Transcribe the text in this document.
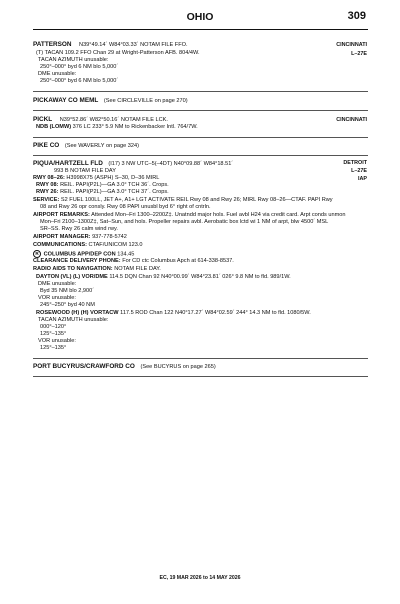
OHIO	309
PATTERSON N39°49.14´ W84°03.33´ NOTAM FILE FFO.	CINCINNATI
L–27E
(T) TACAN 109.2 FFO Chan 29 at Wright-Patterson AFB. 804/4W.
TACAN AZIMUTH unusable:
250°–000° byd 6 NM blo 5,000´
DME unusable:
250°–000° byd 6 NM blo 5,000´
PICKAWAY CO MEML (See CIRCLEVILLE on page 270)
PICKL N39°52.86´ W82°50.16´ NOTAM FILE LCK.	CINCINNATI
NDB (LOMW) 376 LC 233° 5.9 NM to Rickenbacker Intl. 764/7W.
PIKE CO (See WAVERLY on page 324)
PIQUA/HARTZELL FLD (I17) 3 NW UTC–5(–4DT) N40°09.88´ W84°18.51´	DETROIT
L–27E
IAP
993 B NOTAM FILE DAY
RWY 08–26: H3998X75 (ASPH) S–30, D–36 MIRL
RWY 08: REIL. PAPI(P2L)—GA 3.0° TCH 36´. Crops.
RWY 26: REIL. PAPI(P2L)—GA 3.0° TCH 37´. Crops.
SERVICE: S2 FUEL 100LL, JET A+, A1+ LGT ACTIVATE REIL Rwy 08 and Rwy 26; MIRL Rwy 08–26—CTAF. PAPI Rwy
08 and Rwy 26 opr consly. Rwy 08 PAPI unusbl byd 6° right of cntrln.
AIRPORT REMARKS: Attended Mon–Fri 1300–2200Z‡. Unatndd major hols. Fuel avbl H24 via credit card. Arpt conds unmon
Mon–Fri 2100–1300Z‡, Sat–Sun, and hols. Propeller repairs avbl. Aerobatic box lctd wi 1 NM of arpt, blw 4500´ MSL
SR–SS. Rwy 26 calm wind rwy.
AIRPORT MANAGER: 937-778-5742
COMMUNICATIONS: CTAF/UNICOM 123.0
R COLUMBUS APP/DEP CON 134.45
CLEARANCE DELIVERY PHONE: For CD ctc Columbus Apch at 614-338-8537.
RADIO AIDS TO NAVIGATION: NOTAM FILE DAY.
DAYTON (VL) (L) VOR/DME 114.5 DQN Chan 92 N40°00.99´ W84°23.81´ 026° 9.8 NM to fld. 989/1W.
DME unusable:
Byd 35 NM blo 2,900´
VOR unusable:
245°–250° byd 40 NM
ROSEWOOD (H) (H) VORTACW 117.5 ROD Chan 122 N40°17.27´ W84°02.59´ 244° 14.3 NM to fld. 1080/5W.
TACAN AZIMUTH unusable:
000°–120°
125°–135°
VOR unusable:
125°–135°
PORT BUCYRUS/CRAWFORD CO (See BUCYRUS on page 265)
EC, 19 MAR 2026 to 14 MAY 2026
